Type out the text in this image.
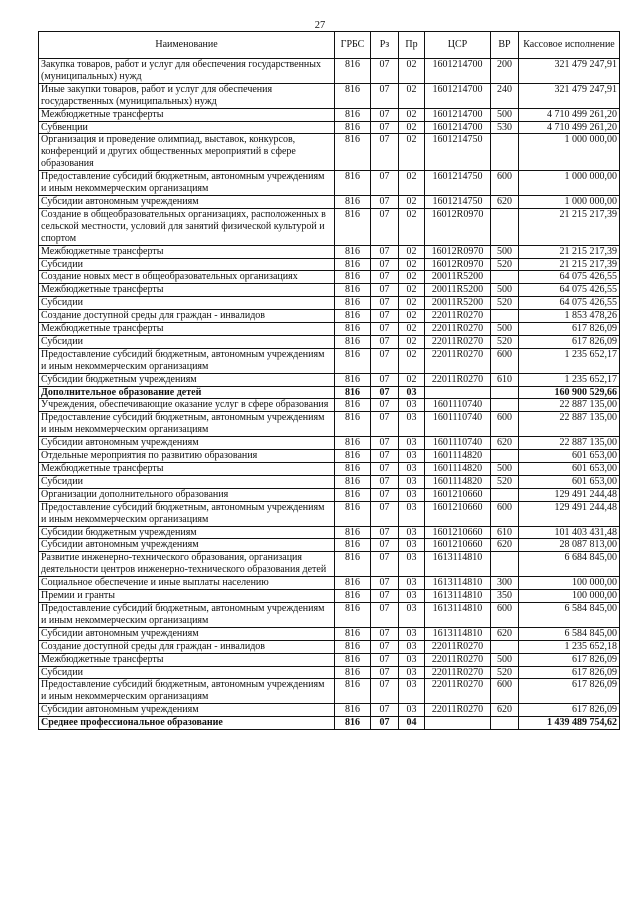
27
Наименование	ГРБС	Рз	Пр	ЦСР	ВР	Кассовое исполнение
Закупка товаров, работ и услуг для обеспечения государственных (муниципальных) нужд	816	07	02	1601214700	200	321 479 247,91
Иные закупки товаров, работ и услуг для обеспечения государственных (муниципальных) нужд	816	07	02	1601214700	240	321 479 247,91
Межбюджетные трансферты	816	07	02	1601214700	500	4 710 499 261,20
Субвенции	816	07	02	1601214700	530	4 710 499 261,20
Организация и проведение олимпиад, выставок, конкурсов, конференций и других общественных мероприятий в сфере образования	816	07	02	1601214750		1 000 000,00
Предоставление субсидий бюджетным, автономным учреждениям и иным некоммерческим организациям	816	07	02	1601214750	600	1 000 000,00
Субсидии автономным учреждениям	816	07	02	1601214750	620	1 000 000,00
Создание в общеобразовательных организациях, расположенных в сельской местности, условий для занятий физической культурой и спортом	816	07	02	16012R0970		21 215 217,39
Межбюджетные трансферты	816	07	02	16012R0970	500	21 215 217,39
Субсидии	816	07	02	16012R0970	520	21 215 217,39
Создание новых мест в общеобразовательных организациях	816	07	02	20011R5200		64 075 426,55
Межбюджетные трансферты	816	07	02	20011R5200	500	64 075 426,55
Субсидии	816	07	02	20011R5200	520	64 075 426,55
Создание доступной среды для граждан - инвалидов	816	07	02	22011R0270		1 853 478,26
Межбюджетные трансферты	816	07	02	22011R0270	500	617 826,09
Субсидии	816	07	02	22011R0270	520	617 826,09
Предоставление субсидий бюджетным, автономным учреждениям и иным некоммерческим организациям	816	07	02	22011R0270	600	1 235 652,17
Субсидии бюджетным учреждениям	816	07	02	22011R0270	610	1 235 652,17
Дополнительное образование детей	816	07	03			160 900 529,66
Учреждения, обеспечивающие оказание услуг в сфере образования	816	07	03	1601110740		22 887 135,00
Предоставление субсидий бюджетным, автономным учреждениям и иным некоммерческим организациям	816	07	03	1601110740	600	22 887 135,00
Субсидии автономным учреждениям	816	07	03	1601110740	620	22 887 135,00
Отдельные мероприятия по развитию образования	816	07	03	1601114820		601 653,00
Межбюджетные трансферты	816	07	03	1601114820	500	601 653,00
Субсидии	816	07	03	1601114820	520	601 653,00
Организации дополнительного образования	816	07	03	1601210660		129 491 244,48
Предоставление субсидий бюджетным, автономным учреждениям и иным некоммерческим организациям	816	07	03	1601210660	600	129 491 244,48
Субсидии бюджетным учреждениям	816	07	03	1601210660	610	101 403 431,48
Субсидии автономным учреждениям	816	07	03	1601210660	620	28 087 813,00
Развитие инженерно-технического образования, организация деятельности центров инженерно-технического образования детей	816	07	03	1613114810		6 684 845,00
Социальное обеспечение и иные выплаты населению	816	07	03	1613114810	300	100 000,00
Премии и гранты	816	07	03	1613114810	350	100 000,00
Предоставление субсидий бюджетным, автономным учреждениям и иным некоммерческим организациям	816	07	03	1613114810	600	6 584 845,00
Субсидии автономным учреждениям	816	07	03	1613114810	620	6 584 845,00
Создание доступной среды для граждан - инвалидов	816	07	03	22011R0270		1 235 652,18
Межбюджетные трансферты	816	07	03	22011R0270	500	617 826,09
Субсидии	816	07	03	22011R0270	520	617 826,09
Предоставление субсидий бюджетным, автономным учреждениям и иным некоммерческим организациям	816	07	03	22011R0270	600	617 826,09
Субсидии автономным учреждениям	816	07	03	22011R0270	620	617 826,09
Среднее профессиональное образование	816	07	04			1 439 489 754,62
